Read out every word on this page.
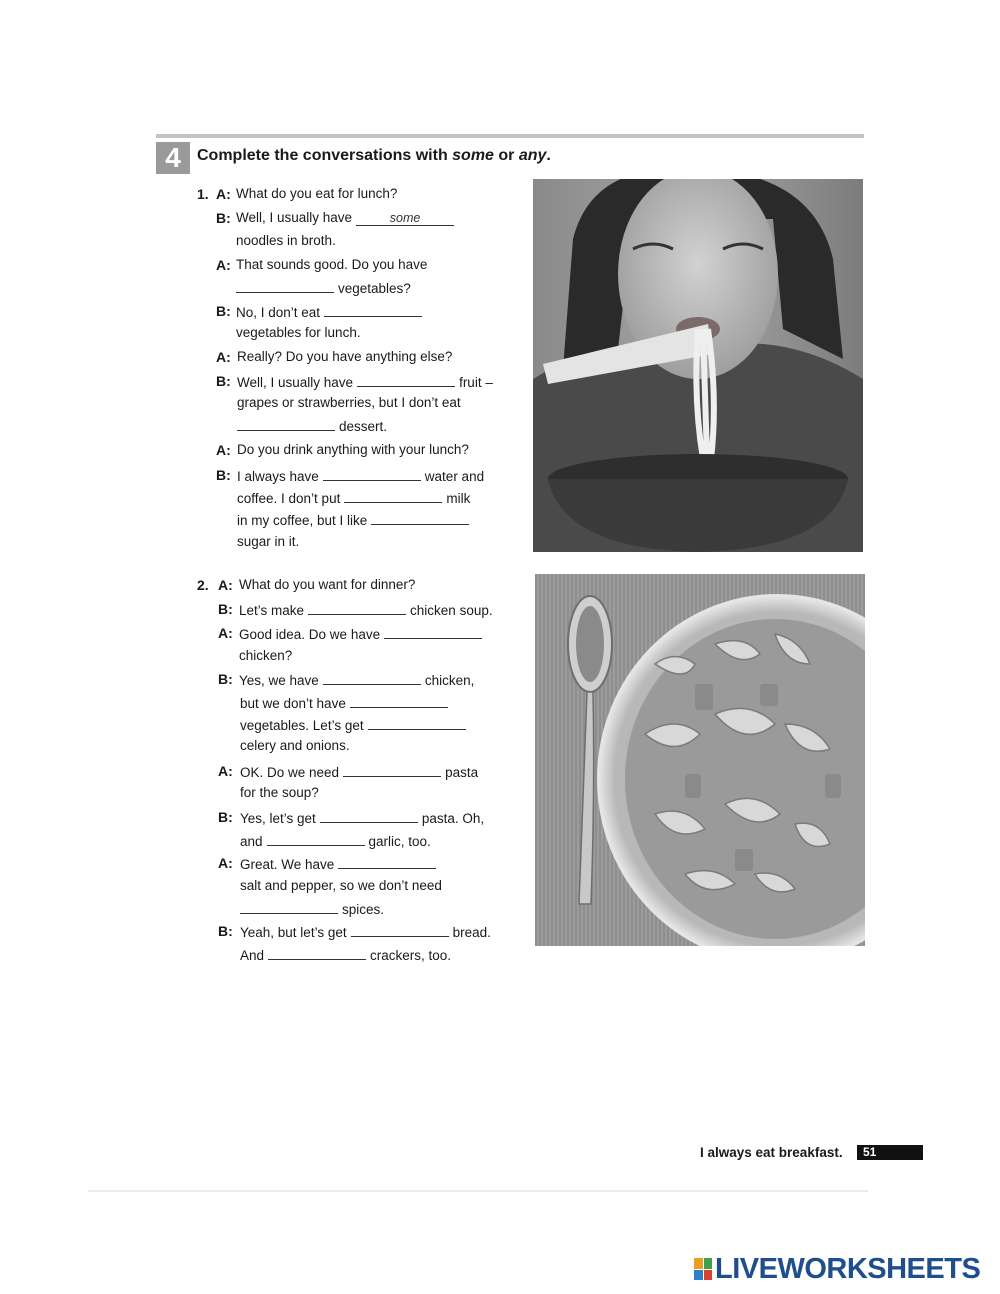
4	Complete the conversations with some or any.
1. A: What do you eat for lunch?
B: Well, I usually have	some
noodles in broth.
A: That sounds good. Do you have
vegetables?
B: No, I don’t eat
vegetables for lunch.
A: Really? Do you have anything else?
B: Well, I usually have	fruit –
grapes or strawberries, but I don’t eat
dessert.
A: Do you drink anything with your lunch?
B: I always have	water and
coffee. I don’t put	milk
in my coffee, but I like
sugar in it.
2. A: What do you want for dinner?
B: Let’s make	chicken soup.
A: Good idea. Do we have
chicken?
B: Yes, we have	chicken,
but we don’t have
vegetables. Let’s get
celery and onions.
A: OK. Do we need	pasta
for the soup?
B: Yes, let’s get	pasta. Oh,
and	garlic, too.
A: Great. We have
salt and pepper, so we don’t need
spices.
B: Yeah, but let’s get	bread.
And	crackers, too.
I always eat breakfast.	51
LIVEWORKSHEETS
